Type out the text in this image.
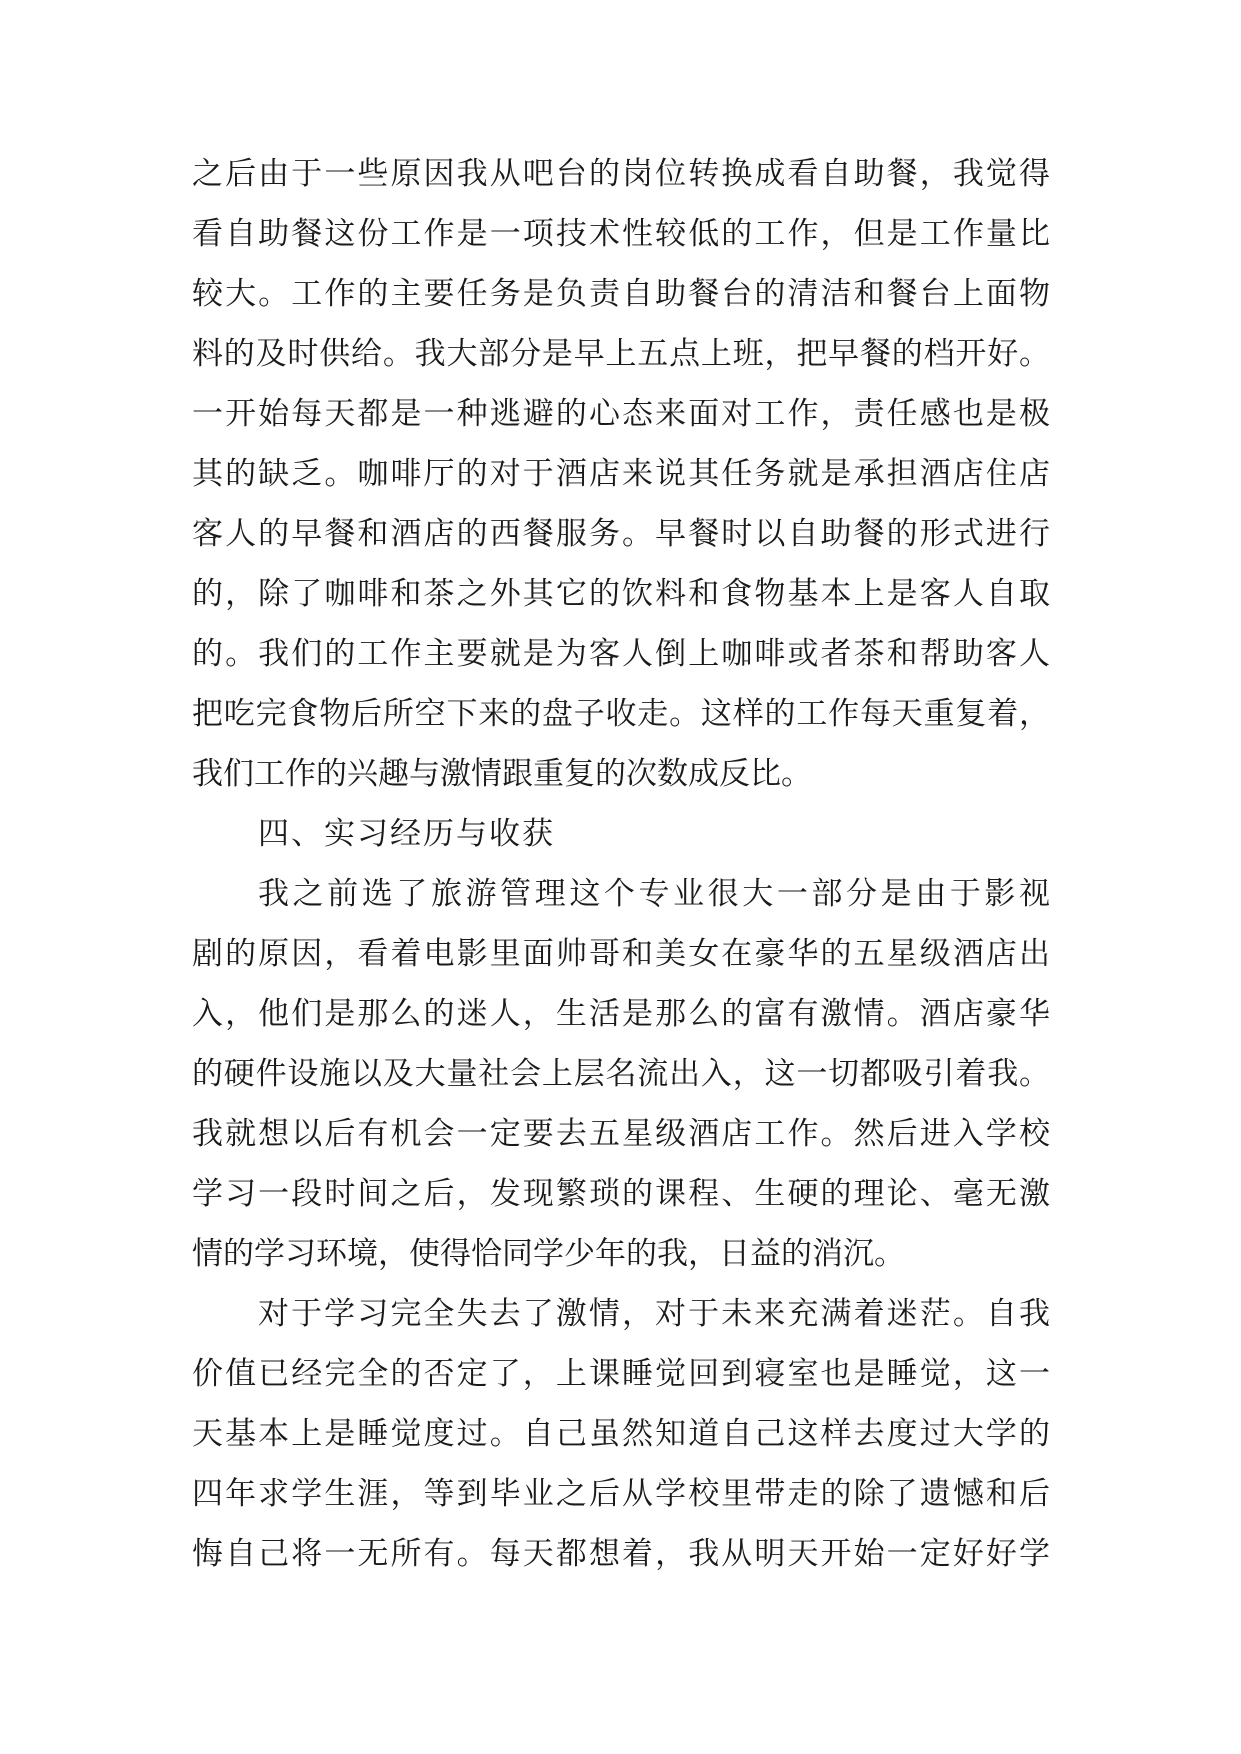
之后由于一些原因我从吧台的岗位转换成看自助餐，我觉得
看自助餐这份工作是一项技术性较低的工作，但是工作量比
较大。工作的主要任务是负责自助餐台的清洁和餐台上面物
料的及时供给。我大部分是早上五点上班，把早餐的档开好。
一开始每天都是一种逃避的心态来面对工作，责任感也是极
其的缺乏。咖啡厅的对于酒店来说其任务就是承担酒店住店
客人的早餐和酒店的西餐服务。早餐时以自助餐的形式进行
的，除了咖啡和茶之外其它的饮料和食物基本上是客人自取
的。我们的工作主要就是为客人倒上咖啡或者茶和帮助客人
把吃完食物后所空下来的盘子收走。这样的工作每天重复着，
我们工作的兴趣与激情跟重复的次数成反比。
四、实习经历与收获
我之前选了旅游管理这个专业很大一部分是由于影视
剧的原因，看着电影里面帅哥和美女在豪华的五星级酒店出
入，他们是那么的迷人，生活是那么的富有激情。酒店豪华
的硬件设施以及大量社会上层名流出入，这一切都吸引着我。
我就想以后有机会一定要去五星级酒店工作。然后进入学校
学习一段时间之后，发现繁琐的课程、生硬的理论、毫无激
情的学习环境，使得恰同学少年的我，日益的消沉。
对于学习完全失去了激情，对于未来充满着迷茫。自我
价值已经完全的否定了，上课睡觉回到寝室也是睡觉，这一
天基本上是睡觉度过。自己虽然知道自己这样去度过大学的
四年求学生涯，等到毕业之后从学校里带走的除了遗憾和后
悔自己将一无所有。每天都想着，我从明天开始一定好好学
